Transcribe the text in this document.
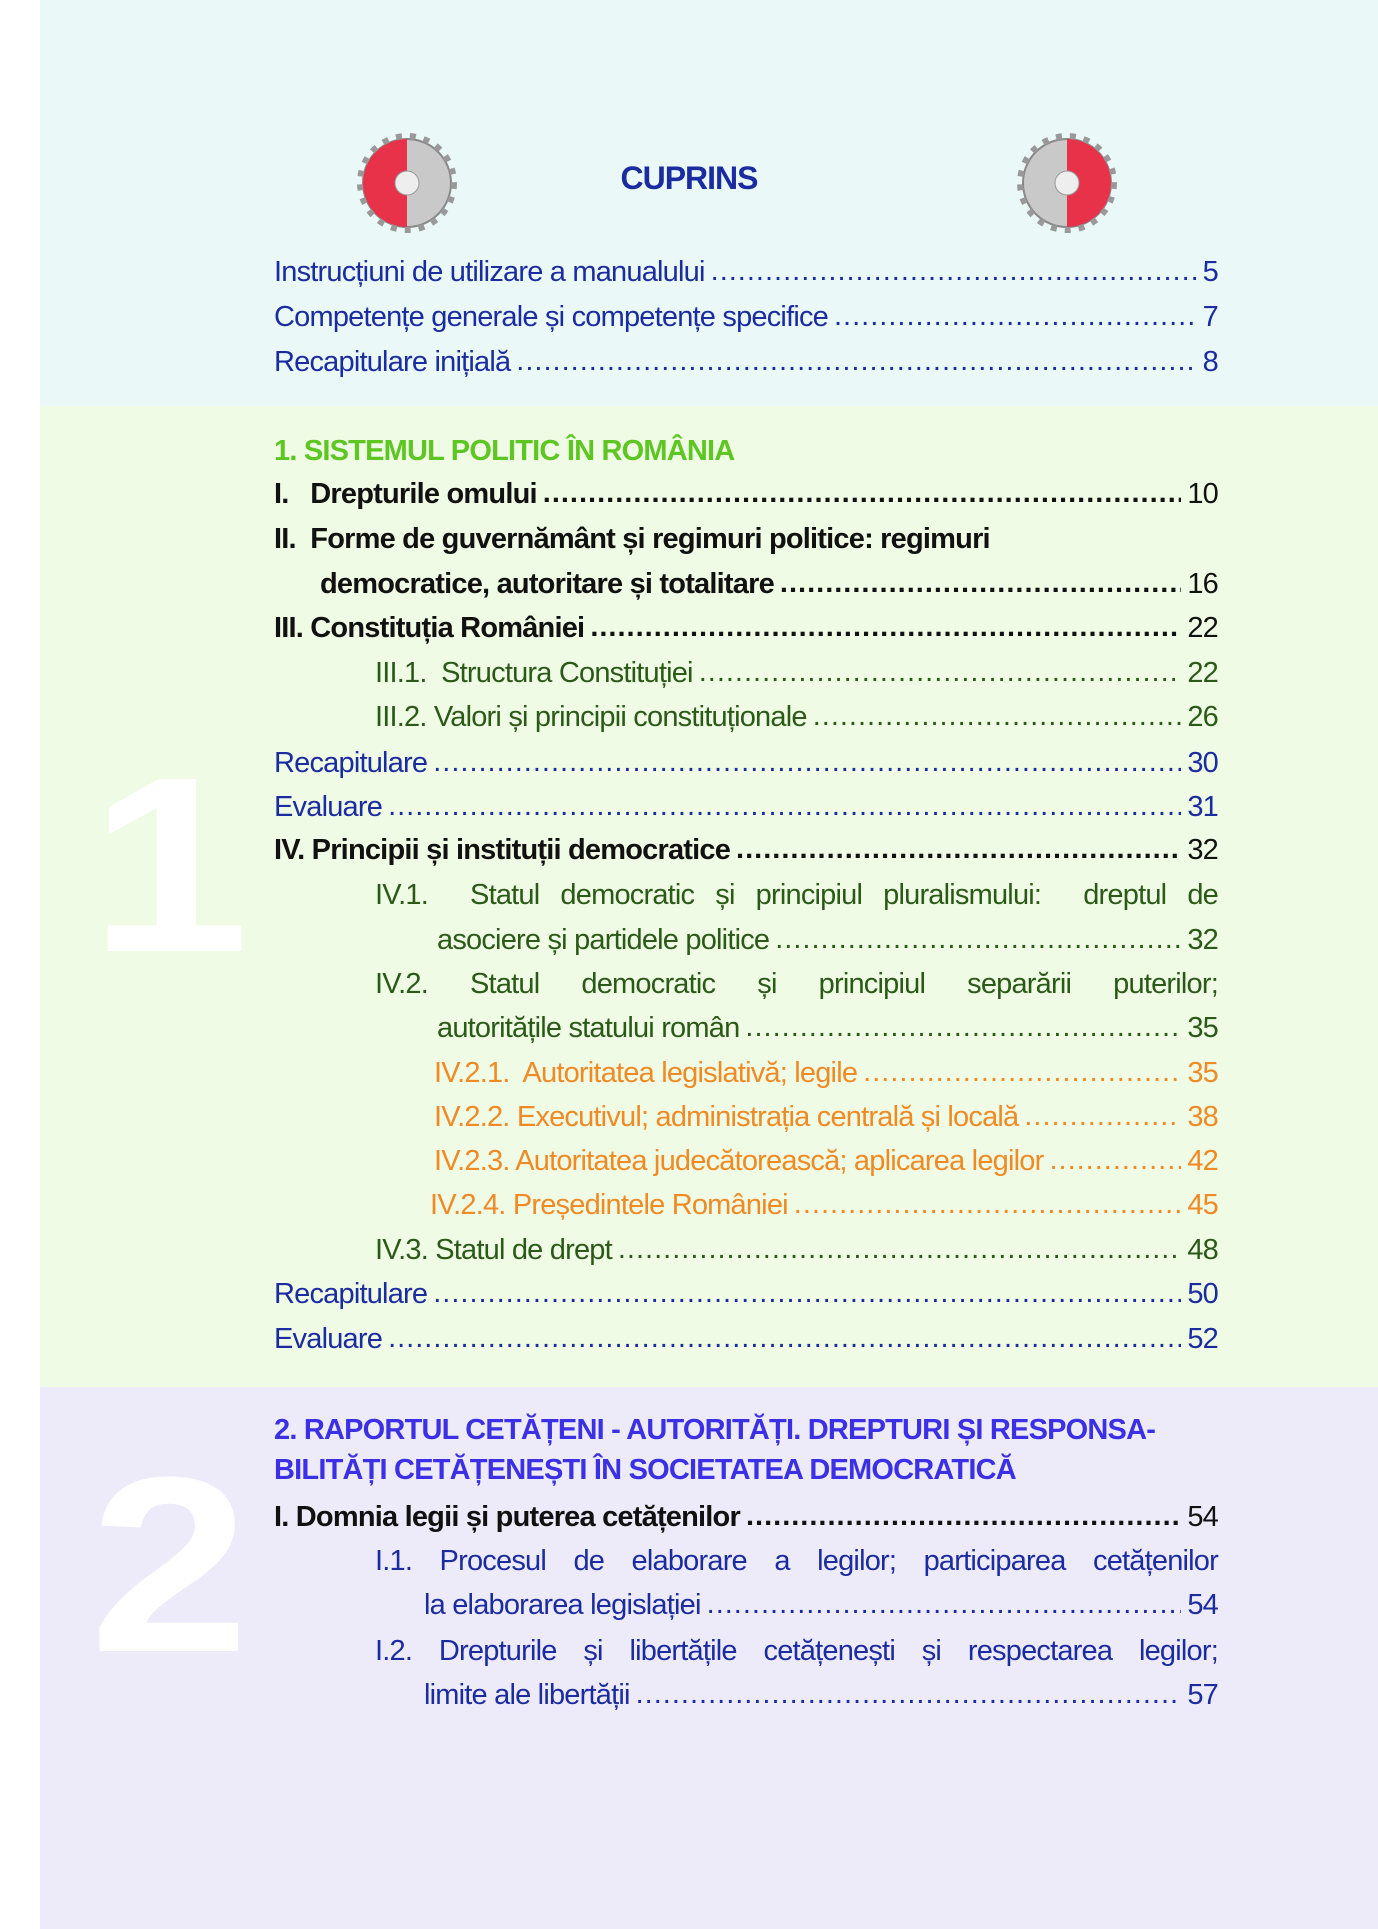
1
2
CUPRINS
Instrucțiuni de utilizare a manualului .....	5
Competențe generale și competențe specifice .....	7
Recapitulare inițială .....	8
1. SISTEMUL POLITIC ÎN ROMÂNIA
I.   Drepturile omului .....	10
II.  Forme de guvernământ și regimuri politice: regimuri
democratice, autoritare și totalitare .....	16
III. Constituția României .....	22
III.1.  Structura Constituției .....	22
III.2. Valori și principii constituționale .....	26
Recapitulare .....	30
Evaluare .....	31
IV. Principii și instituții democratice .....	32
IV.1.  Statul democratic și principiul pluralismului:  dreptul de
asociere și partidele politice .....	32
IV.2. Statul democratic și principiul separării puterilor;
autoritățile statului român .....	35
IV.2.1.  Autoritatea legislativă; legile .....	35
IV.2.2. Executivul; administrația centrală și locală .....	38
IV.2.3. Autoritatea judecătorească; aplicarea legilor .....	42
IV.2.4. Președintele României .....	45
IV.3. Statul de drept .....	48
Recapitulare .....	50
Evaluare .....	52
2. RAPORTUL CETĂȚENI - AUTORITĂȚI. DREPTURI ȘI RESPONSA-
BILITĂȚI CETĂȚENEȘTI ÎN SOCIETATEA DEMOCRATICĂ
I. Domnia legii și puterea cetățenilor .....	54
I.1. Procesul de elaborare a legilor; participarea cetățenilor
la elaborarea legislației .....	54
I.2. Drepturile și libertățile cetățenești și respectarea legilor;
limite ale libertății .....	57
